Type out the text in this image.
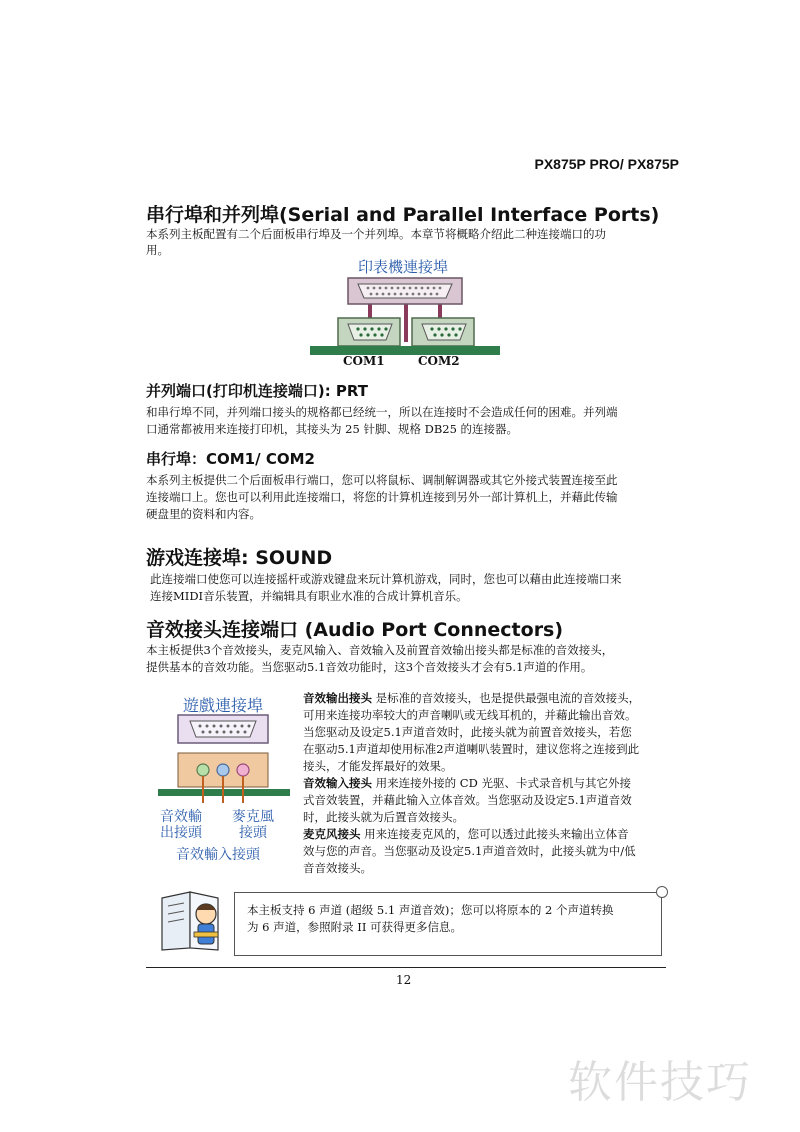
PX875P PRO/ PX875P
串行埠和并列埠(Serial and Parallel Interface Ports)
本系列主板配置有二个后面板串行埠及一个并列埠。本章节将概略介绍此二种连接端口的功
用。
印表機連接埠
COM1	COM2
并列端口(打印机连接端口): PRT
和串行埠不同，并列端口接头的规格都已经统一，所以在连接时不会造成任何的困难。并列端
口通常都被用来连接打印机，其接头为 25 针脚、规格 DB25 的连接器。
串行埠：COM1/ COM2
本系列主板提供二个后面板串行端口，您可以将鼠标、调制解调器或其它外接式装置连接至此
连接端口上。您也可以利用此连接端口，将您的计算机连接到另外一部计算机上，并藉此传输
硬盘里的资料和内容。
游戏连接埠: SOUND
此连接端口使您可以连接摇杆或游戏键盘来玩计算机游戏，同时，您也可以藉由此连接端口来
连接MIDI音乐装置，并编辑具有职业水准的合成计算机音乐。
音效接头连接端口 (Audio Port Connectors)
本主板提供3个音效接头，麦克风输入、音效输入及前置音效输出接头都是标准的音效接头，
提供基本的音效功能。当您驱动5.1音效功能时，这3个音效接头才会有5.1声道的作用。
遊戲連接埠
音效輸
出接頭
麥克風
接頭
音效輸入接頭
音效输出接头 是标准的音效接头，也是提供最强电流的音效接头，
可用来连接功率较大的声音喇叭或无线耳机的，并藉此输出音效。
当您驱动及设定5.1声道音效时，此接头就为前置音效接头，若您
在驱动5.1声道却使用标准2声道喇叭装置时，建议您将之连接到此
接头，才能发挥最好的效果。
音效输入接头 用来连接外接的 CD 光驱、卡式录音机与其它外接
式音效装置，并藉此输入立体音效。当您驱动及设定5.1声道音效
时，此接头就为后置音效接头。
麦克风接头 用来连接麦克风的，您可以透过此接头来输出立体音
效与您的声音。当您驱动及设定5.1声道音效时，此接头就为中/低
音音效接头。
本主板支持 6 声道 (超级 5.1 声道音效)；您可以将原本的 2 个声道转换
为 6 声道，参照附录 II 可获得更多信息。
12
软件技巧
